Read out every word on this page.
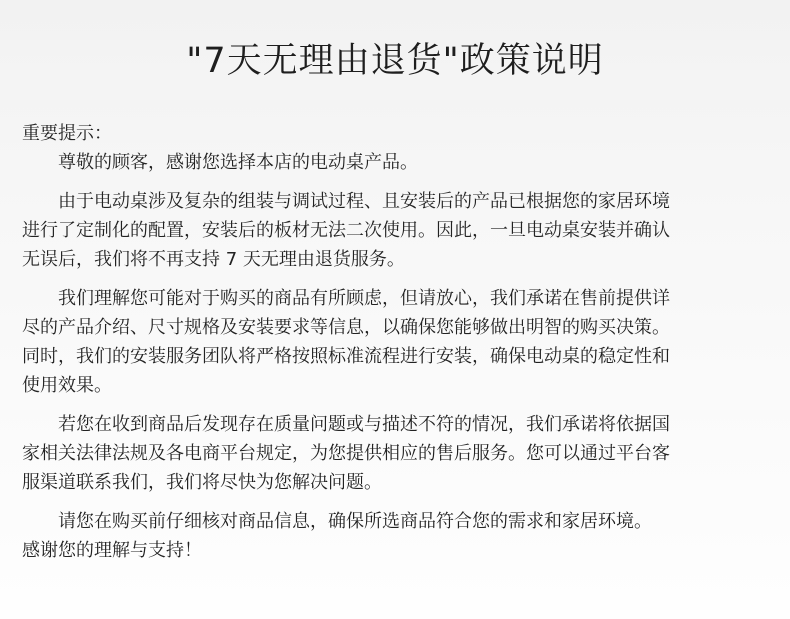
"7天无理由退货"政策说明
重要提示：
尊敬的顾客，感谢您选择本店的电动桌产品。
由于电动桌涉及复杂的组装与调试过程、且安装后的产品已根据您的家居环境
进行了定制化的配置，安装后的板材无法二次使用。因此，一旦电动桌安装并确认
无误后，我们将不再支持 7 天无理由退货服务。
我们理解您可能对于购买的商品有所顾虑，但请放心，我们承诺在售前提供详
尽的产品介绍、尺寸规格及安装要求等信息，以确保您能够做出明智的购买决策。
同时，我们的安装服务团队将严格按照标准流程进行安装，确保电动桌的稳定性和
使用效果。
若您在收到商品后发现存在质量问题或与描述不符的情况，我们承诺将依据国
家相关法律法规及各电商平台规定，为您提供相应的售后服务。您可以通过平台客
服渠道联系我们，我们将尽快为您解决问题。
请您在购买前仔细核对商品信息，确保所选商品符合您的需求和家居环境。
感谢您的理解与支持！
